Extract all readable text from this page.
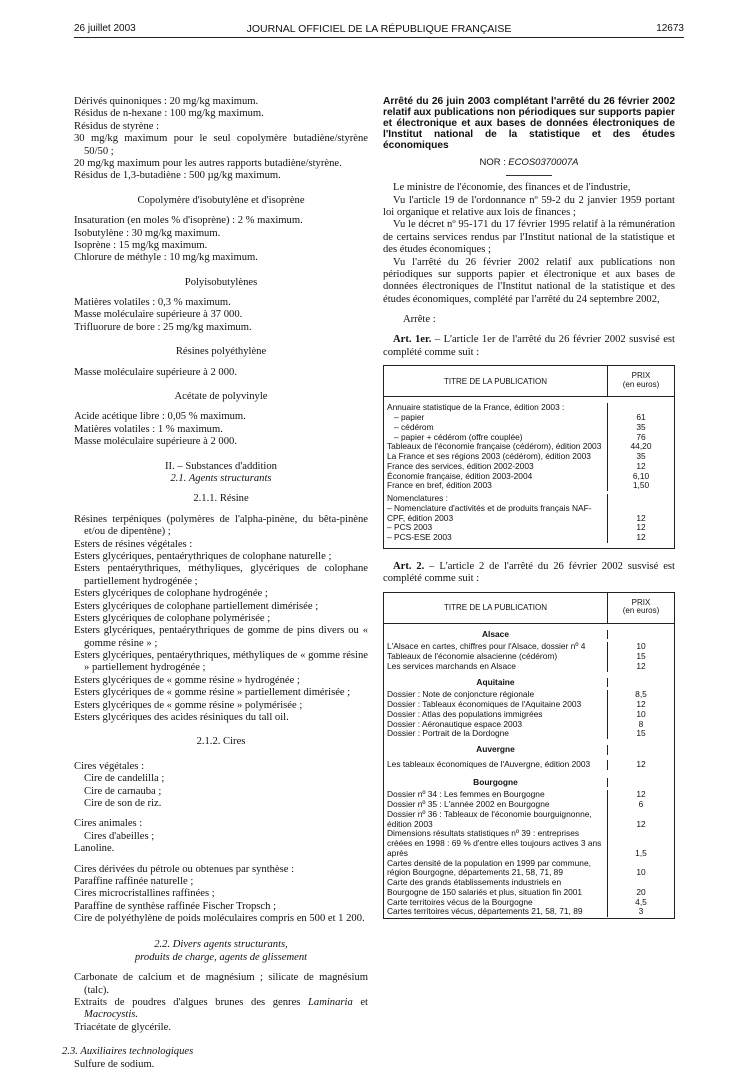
26 juillet 2003	JOURNAL OFFICIEL DE LA RÉPUBLIQUE FRANÇAISE	12673

Dérivés quinoniques : 20 mg/kg maximum.

Résidus de n-hexane : 100 mg/kg maximum.

Résidus de styrène :

30 mg/kg maximum pour le seul copolymère butadiène/styrène 50/50 ;

20 mg/kg maximum pour les autres rapports butadiène/styrène.

Résidus de 1,3-butadiène : 500 µg/kg maximum.

Copolymère d'isobutylène et d'isoprène

Insaturation (en moles % d'isoprène) : 2 % maximum.

Isobutylène : 30 mg/kg maximum.

Isoprène : 15 mg/kg maximum.

Chlorure de méthyle : 10 mg/kg maximum.

Polyisobutylènes

Matières volatiles : 0,3 % maximum.

Masse moléculaire supérieure à 37 000.

Trifluorure de bore : 25 mg/kg maximum.

Résines polyéthylène

Masse moléculaire supérieure à 2 000.

Acétate de polyvinyle

Acide acétique libre : 0,05 % maximum.

Matières volatiles : 1 % maximum.

Masse moléculaire supérieure à 2 000.

II. – Substances d'addition

2.1. Agents structurants

2.1.1. Résine

Résines terpéniques (polymères de l'alpha-pinène, du bêta-pinène et/ou de dipentène) ;

Esters de résines végétales :

Esters glycériques, pentaérythriques de colophane naturelle ;

Esters pentaérythriques, méthyliques, glycériques de colophane partiellement hydrogénée ;

Esters glycériques de colophane hydrogénée ;

Esters glycériques de colophane partiellement dimérisée ;

Esters glycériques de colophane polymérisée ;

Esters glycériques, pentaérythriques de gomme de pins divers ou « gomme résine » ;

Esters glycériques, pentaérythriques, méthyliques de « gomme résine » partiellement hydrogénée ;

Esters glycériques de « gomme résine » hydrogénée ;

Esters glycériques de « gomme résine » partiellement dimérisée ;

Esters glycériques de « gomme résine » polymérisée ;

Esters glycériques des acides résiniques du tall oil.

2.1.2. Cires

Cires végétales :

Cire de candelilla ;

Cire de carnauba ;

Cire de son de riz.

Cires animales :

Cires d'abeilles ;

Lanoline.

Cires dérivées du pétrole ou obtenues par synthèse :

Paraffine raffinée naturelle ;

Cires microcristallines raffinées ;

Paraffine de synthèse raffinée Fischer Tropsch ;

Cire de polyéthylène de poids moléculaires compris en 500 et 1 200.

2.2. Divers agents structurants,

produits de charge, agents de glissement

Carbonate de calcium et de magnésium ; silicate de magnésium (talc).

Extraits de poudres d'algues brunes des genres Laminaria et Macrocystis.

Triacétate de glycérile.

2.3. Auxiliaires technologiques

Sulfure de sodium.

Arrêté du 26 juin 2003 complétant l'arrêté du 26 février 2002 relatif aux publications non périodiques sur supports papier et électronique et aux bases de données électroniques de l'Institut national de la statistique et des études économiques
NOR : ECOS0370007A

Le ministre de l'économie, des finances et de l'industrie,

Vu l'article 19 de l'ordonnance nº 59-2 du 2 janvier 1959 portant loi organique et relative aux lois de finances ;

Vu le décret nº 95-171 du 17 février 1995 relatif à la rémunération de certains services rendus par l'Institut national de la statistique et des études économiques ;

Vu l'arrêté du 26 février 2002 relatif aux publications non périodiques sur supports papier et électronique et aux bases de données électroniques de l'Institut national de la statistique et des études économiques, complété par l'arrêté du 24 septembre 2002,

Arrête :

Art. 1er. – L'article 1er de l'arrêté du 26 février 2002 susvisé est complété comme suit :

TITRE DE LA PUBLICATION
PRIX
(en euros)
Annuaire statistique de la France, édition 2003 :
– papier	61
– cédérom	35
– papier + cédérom (offre couplée)	76
Tableaux de l'économie française (cédérom), édition 2003	44,20
La France et ses régions 2003 (cédérom), édition 2003	35
France des services, édition 2002-2003	12
Économie française, édition 2003-2004	6,10
France en bref, édition 2003	1,50
Nomenclatures :
– Nomenclature d'activités et de produits français NAF-CPF, édition 2003	12
– PCS 2003	12
– PCS-ESE 2003	12

Art. 2. – L'article 2 de l'arrêté du 26 février 2002 susvisé est complété comme suit :

TITRE DE LA PUBLICATION
PRIX
(en euros)
Alsace
L'Alsace en cartes, chiffres pour l'Alsace, dossier nº 4	10
Tableaux de l'économie alsacienne (cédérom)	15
Les services marchands en Alsace	12
Aquitaine
Dossier : Note de conjoncture régionale	8,5
Dossier : Tableaux économiques de l'Aquitaine 2003	12
Dossier : Atlas des populations immigrées	10
Dossier : Aéronautique espace 2003	8
Dossier : Portrait de la Dordogne	15
Auvergne
Les tableaux économiques de l'Auvergne, édition 2003	12
Bourgogne
Dossier nº 34 : Les femmes en Bourgogne	12
Dossier nº 35 : L'année 2002 en Bourgogne	6
Dossier nº 36 : Tableaux de l'économie bourguignonne, édition 2003	12
Dimensions résultats statistiques nº 39 : entreprises créées en 1998 : 69 % d'entre elles toujours actives 3 ans après	1,5
Cartes densité de la population en 1999 par commune, région Bourgogne, départements 21, 58, 71, 89	10
Carte des grands établissements industriels en Bourgogne de 150 salariés et plus, situation fin 2001	20
Carte territoires vécus de la Bourgogne	4,5
Cartes territoires vécus, départements 21, 58, 71, 89	3
